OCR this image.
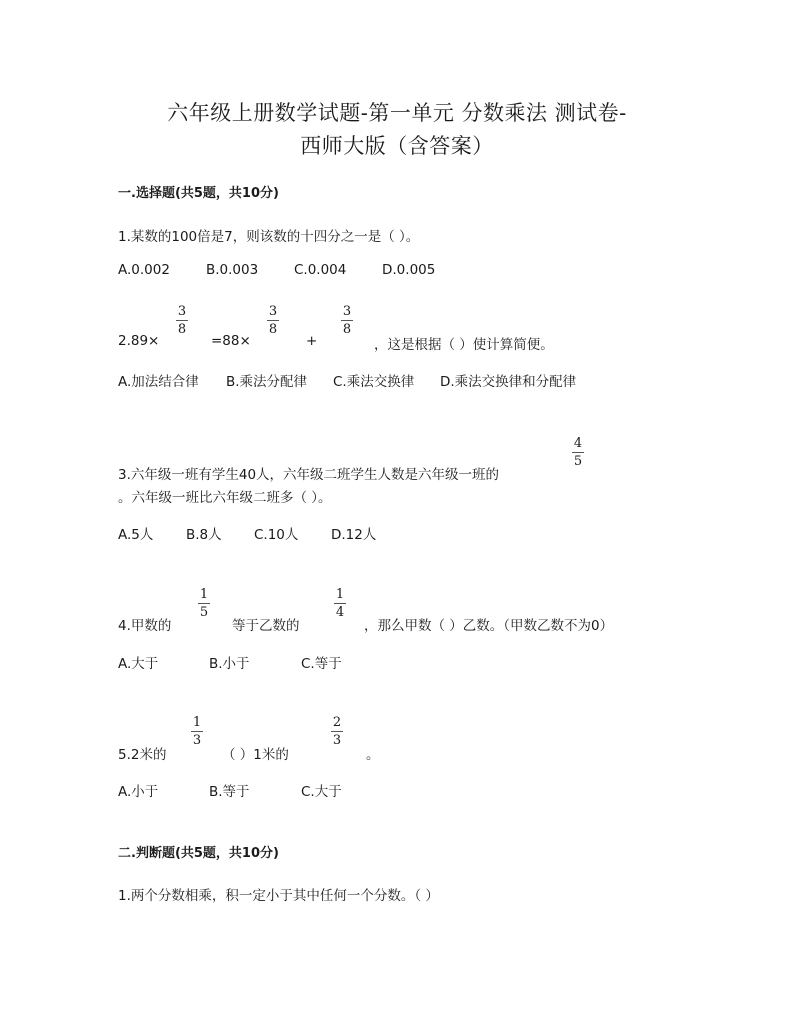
六年级上册数学试题-第一单元 分数乘法 测试卷-
西师大版（含答案）
一.选择题(共5题，共10分)
1.某数的100倍是7，则该数的十四分之一是（ ）。
A.0.002	B.0.003	C.0.004	D.0.005
3
8
3
8
3
8
2.89×	=88×	+	，这是根据（ ）使计算简便。
A.加法结合律 B.乘法分配律 C.乘法交换律 D.乘法交换律和分配律
4
5
3.六年级一班有学生40人，六年级二班学生人数是六年级一班的
。六年级一班比六年级二班多（ ）。
A.5人 B.8人 C.10人 D.12人
1
5
1
4
4.甲数的	等于乙数的	，那么甲数（ ）乙数。（甲数乙数不为0）
A.大于	B.小于	C.等于
1
3
2
3
5.2米的	（ ）1米的	。
A.小于	B.等于	C.大于
二.判断题(共5题，共10分)
1.两个分数相乘，积一定小于其中任何一个分数。（ ）
